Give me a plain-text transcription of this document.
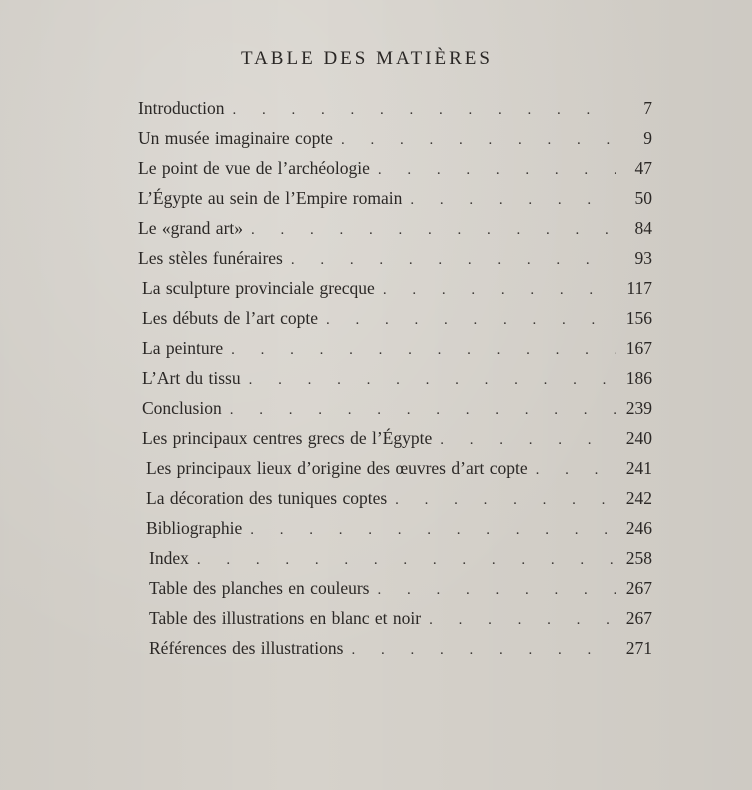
TABLE DES MATIÈRES
Introduction . . .	7
Un musée imaginaire copte . . .	9
Le point de vue de l’archéologie . . .	47
L’Égypte au sein de l’Empire romain . . .	50
Le «grand art» . . .	84
Les stèles funéraires . . .	93
La sculpture provinciale grecque . . .	117
Les débuts de l’art copte . . .	156
La peinture . . .	167
L’Art du tissu . . .	186
Conclusion . . .	239
Les principaux centres grecs de l’Égypte . . .	240
Les principaux lieux d’origine des œuvres d’art copte . . .	241
La décoration des tuniques coptes . . .	242
Bibliographie . . .	246
Index . . .	258
Table des planches en couleurs . . .	267
Table des illustrations en blanc et noir . . .	267
Références des illustrations . . .	271
